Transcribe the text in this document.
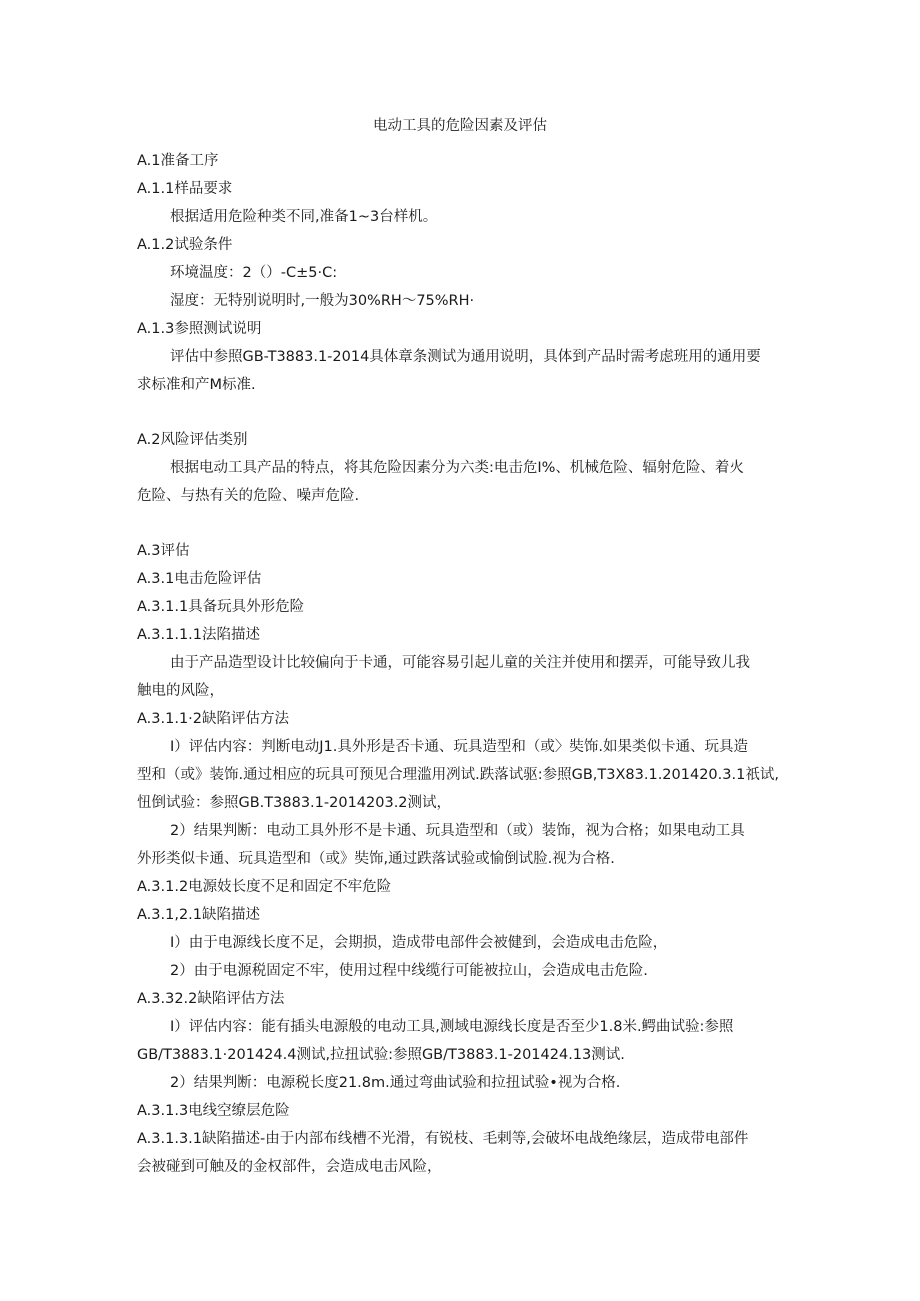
电动工具的危险因素及评估
A.1准备工序
A.1.1样品要求
根据适用危险种类不同,准备1~3台样机。
A.1.2试验条件
环境温度：2（）-C±5·C:
湿度：无特别说明时,一般为30%RH〜75%RH·
A.1.3参照测试说明
评估中参照GB-T3883.1-2014具体章条测试为通用说明，具体到产品时需考虑班用的通用要
求标准和产M标准.
A.2风险评估类别
根据电动工具产品的特点，将其危险因素分为六类:电击危I%、机械危险、辐射危险、着火
危险、与热有关的危险、噪声危险.
A.3评估
A.3.1电击危险评估
A.3.1.1具备玩具外形危险
A.3.1.1.1法陷描述
由于产品造型设计比较偏向于卡通，可能容易引起儿童的关注并使用和摆弄，可能导致儿我
触电的风险，
A.3.1.1·2缺陷评估方法
I）评估内容：判断电动J1.具外形是否卡通、玩具造型和（或〉奘饰.如果类似卡通、玩具造
型和（或》装饰.通过相应的玩具可预见合理滥用冽试.跌落试驱:参照GB,T3X83.1.201420.3.1祇试,
忸倒试验：参照GB.T3883.1-2014203.2测试，
2）结果判断：电动工具外形不是卡通、玩具造型和（或）装饰，视为合格；如果电动工具
外形类似卡通、玩具造型和（或》奘饰,通过跌落试验或愉倒试脸.视为合格.
A.3.1.2电源妓长度不足和固定不牢危险
A.3.1,2.1缺陷描述
I）由于电源线长度不足，会期损，造成带电部件会被健到，会造成电击危险，
2）由于电源税固定不牢，使用过程中线缆行可能被拉山，会造成电击危险.
A.3.32.2缺陷评估方法
I）评估内容：能有插头电源般的电动工具,测域电源线长度是否至少1.8米.鳄曲试验:参照
GB/T3883.1·201424.4测试,拉扭试验:参照GB/T3883.1-201424.13测试.
2）结果判断：电源税长度21.8m.通过弯曲试验和拉扭试验•视为合格.
A.3.1.3电线空缭层危险
A.3.1.3.1缺陷描述-由于内部布线槽不光滑，有锐枝、毛剌等,会破坏电战绝缘层，造成带电部件
会被碰到可触及的金权部件，会造成电击风险，
